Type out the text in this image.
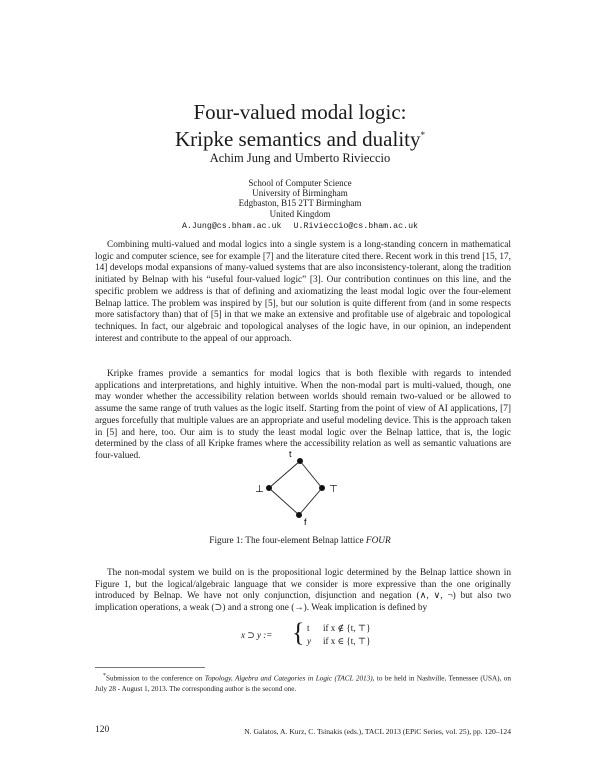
Four-valued modal logic:
Kripke semantics and duality*
Achim Jung and Umberto Rivieccio
School of Computer Science
University of Birmingham
Edgbaston, B15 2TT Birmingham
United Kingdom
A.Jung@cs.bham.ac.uk U.Rivieccio@cs.bham.ac.uk

Combining multi-valued and modal logics into a single system is a long-standing concern in mathematical logic and computer science, see for example [7] and the literature cited there. Recent work in this trend [15, 17, 14] develops modal expansions of many-valued systems that are also inconsistency-tolerant, along the tradition initiated by Belnap with his “useful four-valued logic” [3]. Our contribution continues on this line, and the specific problem we address is that of defining and axiomatizing the least modal logic over the four-element Belnap lattice. The problem was inspired by [5], but our solution is quite different from (and in some respects more satisfactory than) that of [5] in that we make an extensive and profitable use of algebraic and topological techniques. In fact, our algebraic and topological analyses of the logic have, in our opinion, an independent interest and contribute to the appeal of our approach.

Kripke frames provide a semantics for modal logics that is both flexible with regards to intended applications and interpretations, and highly intuitive. When the non-modal part is multi-valued, though, one may wonder whether the accessibility relation between worlds should remain two-valued or be allowed to assume the same range of truth values as the logic itself. Starting from the point of view of AI applications, [7] argues forcefully that multiple values are an appropriate and useful modeling device. This is the approach taken in [5] and here, too. Our aim is to study the least modal logic over the Belnap lattice, that is, the logic determined by the class of all Kripke frames where the accessibility relation as well as semantic valuations are four-valued.	t
⊥	⊤
f
Figure 1: The four-element Belnap lattice FOUR

The non-modal system we build on is the propositional logic determined by the Belnap lattice shown in Figure 1, but the logical/algebraic language that we consider is more expressive than the one originally introduced by Belnap. We have not only conjunction, disjunction and negation (∧, ∨, ¬) but also two implication operations, a weak (⊃) and a strong one (→). Weak implication is defined by

x ⊃ y := { t if x ∉ {t, ⊤}
y if x ∈ {t, ⊤}

*Submission to the conference on Topology, Algebra and Categories in Logic (TACL 2013), to be held in Nashville, Tennessee (USA), on July 28 - August 1, 2013. The corresponding author is the second one.

120	N. Galatos, A. Kurz, C. Tsinakis (eds.), TACL 2013 (EPiC Series, vol. 25), pp. 120–124
